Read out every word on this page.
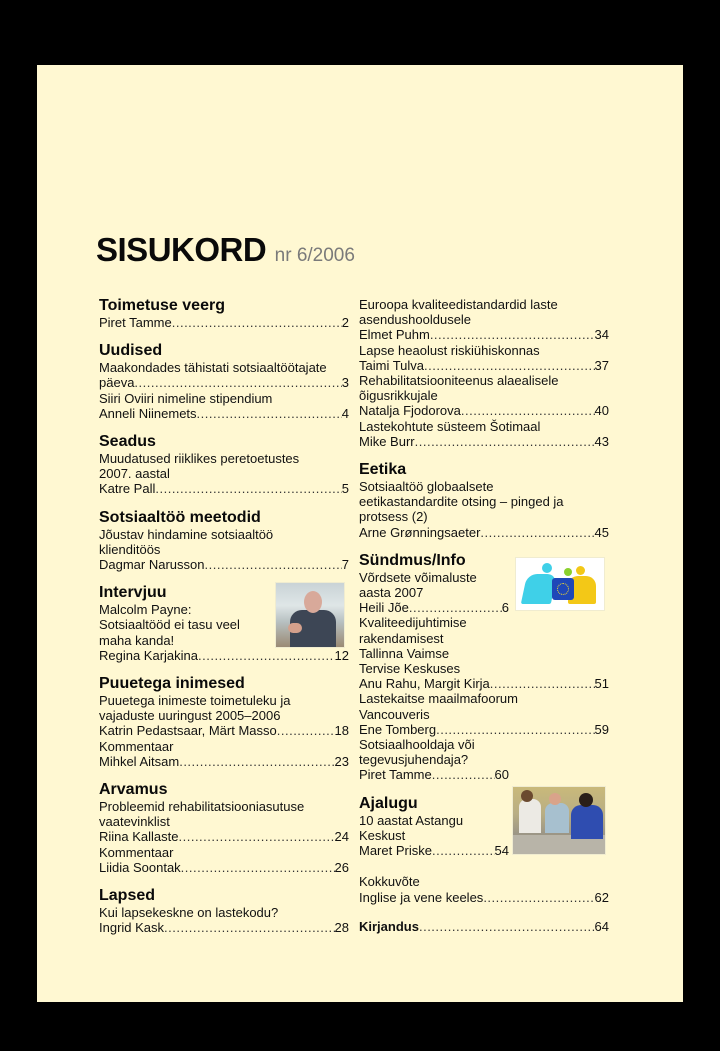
SISUKORD nr 6/2006
Toimetuse veerg
Piret Tamme .....	2
Uudised
Maakondades tähistati sotsiaaltöötajate
päeva .....	3
Siiri Oviiri nimeline stipendium
Anneli Niinemets .....	4
Seadus
Muudatused riiklikes peretoetustes
2007. aastal
Katre Pall .....	5
Sotsiaaltöö meetodid
Jõustav hindamine sotsiaaltöö
klienditöös
Dagmar Narusson .....	7
Intervjuu
Malcolm Payne:
Sotsiaaltööd ei tasu veel
maha kanda!
Regina Karjakina .....	12
Puuetega inimesed
Puuetega inimeste toimetuleku ja
vajaduste uuringust 2005–2006
Katrin Pedastsaar, Märt Masso .....	18
Kommentaar
Mihkel Aitsam .....	23
Arvamus
Probleemid rehabilitatsiooniasutuse
vaatevinklist
Riina Kallaste .....	24
Kommentaar
Liidia Soontak .....	26
Lapsed
Kui lapsekeskne on lastekodu?
Ingrid Kask .....	28
Euroopa kvaliteedistandardid laste
asendushooldusele
Elmet Puhm .....	34
Lapse heaolust riskiühiskonnas
Taimi Tulva .....	37
Rehabilitatsiooniteenus alaealisele
õigusrikkujale
Natalja Fjodorova .....	40
Lastekohtute süsteem Šotimaal
Mike Burr .....	43
Eetika
Sotsiaaltöö globaalsete
eetikastandardite otsing – pinged ja
protsess (2)
Arne Grønningsaeter .....	45
Sündmus/Info
Võrdsete võimaluste
aasta 2007
Heili Jõe .....	6
Kvaliteedijuhtimise
rakendamisest
Tallinna Vaimse
Tervise Keskuses
Anu Rahu, Margit Kirja .....	51
Lastekaitse maailmafoorum
Vancouveris
Ene Tomberg .....	59
Sotsiaalhooldaja või
tegevusjuhendaja?
Piret Tamme .....	60
Ajalugu
10 aastat Astangu
Keskust
Maret Priske .....	54
Kokkuvõte
Inglise ja vene keeles .....	62
Kirjandus .....	64
